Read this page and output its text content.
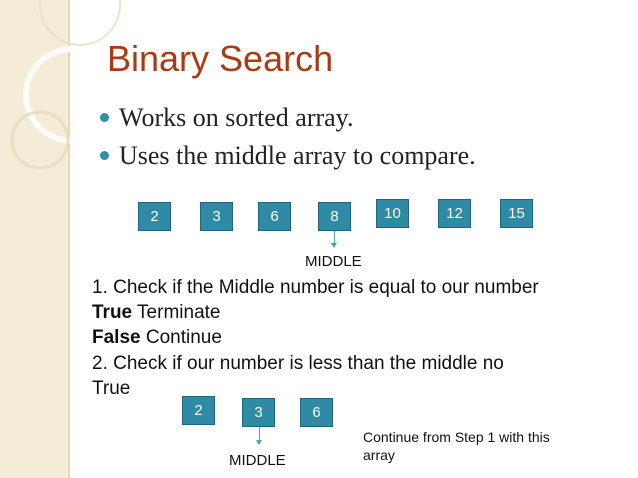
Binary Search
Works on sorted array.
Uses the middle array to compare.
2	3	6	8	10	12	15
MIDDLE
1. Check if the Middle number is equal to our number
True Terminate
False Continue
2. Check if our number is less than the middle no
True
2	3	6
MIDDLE
Continue from Step 1 with this array
